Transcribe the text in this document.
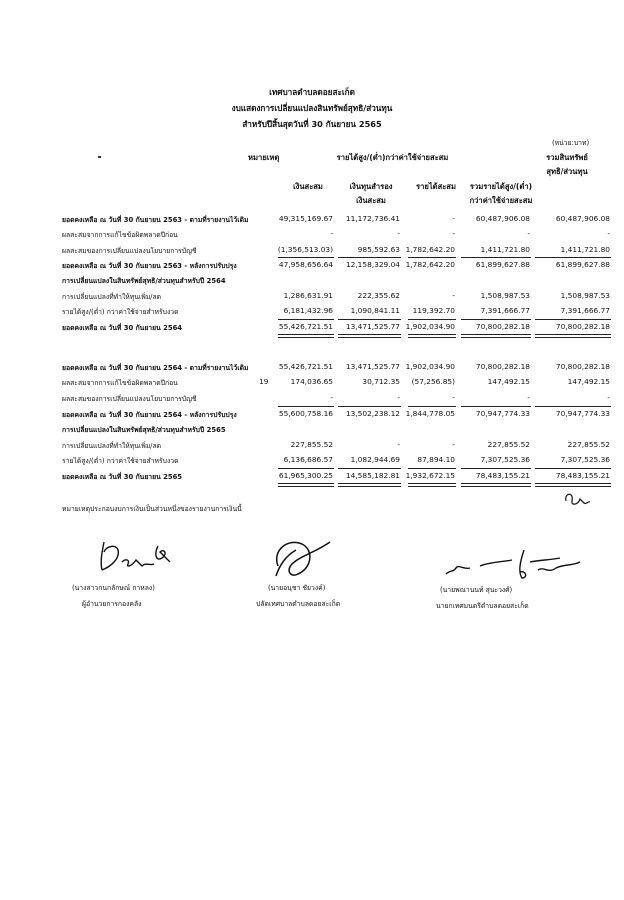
เทศบาลตำบลดอยสะเก็ด
งบแสดงการเปลี่ยนแปลงสินทรัพย์สุทธิ/ส่วนทุน
สำหรับปีสิ้นสุดวันที่ 30 กันยายน 2565
(หน่วย:บาท)
หมายเหตุ	รายได้สูง/(ต่ำ)กว่าค่าใช้จ่ายสะสม	รวมสินทรัพย์
สุทธิ/ส่วนทุน
เงินสะสม	เงินทุนสำรอง
เงินสะสม
รายได้สะสม	รวมรายได้สูง/(ต่ำ)
กว่าค่าใช้จ่ายสะสม
ยอดคงเหลือ ณ วันที่ 30 กันยายน 2563 - ตามที่รายงานไว้เดิม	49,315,169.67	11,172,736.41	-	60,487,906.08	60,487,906.08
ผลสะสมจากการแก้ไขข้อผิดพลาดปีก่อน	-	-	-	-	-
ผลสะสมของการเปลี่ยนแปลงนโยบายการบัญชี	(1,356,513.03)	985,592.63 1,782,642.20	1,411,721.80	1,411,721.80
ยอดคงเหลือ ณ วันที่ 30 กันยายน 2563 - หลังการปรับปรุง	47,958,656.64	12,158,329.04 1,782,642.20	61,899,627.88	61,899,627.88
การเปลี่ยนแปลงในสินทรัพย์สุทธิ/ส่วนทุนสำหรับปี 2564
การเปลี่ยนแปลงที่ทำให้ทุนเพิ่ม/ลด	1,286,631.91	222,355.62	-	1,508,987.53	1,508,987.53
รายได้สูง/(ต่ำ) กว่าค่าใช้จ่ายสำหรับงวด	6,181,432.96	1,090,841.11	119,392.70	7,391,666.77	7,391,666.77
ยอดคงเหลือ ณ วันที่ 30 กันยายน 2564	55,426,721.51	13,471,525.77 1,902,034.90	70,800,282.18	70,800,282.18
ยอดคงเหลือ ณ วันที่ 30 กันยายน 2564 - ตามที่รายงานไว้เดิม	55,426,721.51	13,471,525.77 1,902,034.90	70,800,282.18	70,800,282.18
ผลสะสมจากการแก้ไขข้อผิดพลาดปีก่อน	19	174,036.65	30,712.35	(57,256.85)	147,492.15	147,492.15
ผลสะสมของการเปลี่ยนแปลงนโยบายการบัญชี	-	-	-	-	-
ยอดคงเหลือ ณ วันที่ 30 กันยายน 2564 - หลังการปรับปรุง	55,600,758.16	13,502,238.12 1,844,778.05	70,947,774.33	70,947,774.33
การเปลี่ยนแปลงในสินทรัพย์สุทธิ/ส่วนทุนสำหรับปี 2565
การเปลี่ยนแปลงที่ทำให้ทุนเพิ่ม/ลด	227,855.52	-	-	227,855.52	227,855.52
รายได้สูง/(ต่ำ) กว่าค่าใช้จ่ายสำหรับงวด	6,136,686.57	1,082,944.69	87,894.10	7,307,525.36	7,307,525.36
ยอดคงเหลือ ณ วันที่ 30 กันยายน 2565	61,965,300.25	14,585,182.81 1,932,672.15	78,483,155.21	78,483,155.21
หมายเหตุประกอบงบการเงินเป็นส่วนหนึ่งของรายงานการเงินนี้
(นางสาวกนกลักษณ์ กาหลง)
ผู้อำนวยการกองคลัง
(นายอนุชา ชัยวงค์)
ปลัดเทศบาลตำบลดอยสะเก็ด
(นายพณานนท์ สุนะวงศ์)
นายกเทศมนตรีตำบลดอยสะเก็ด
